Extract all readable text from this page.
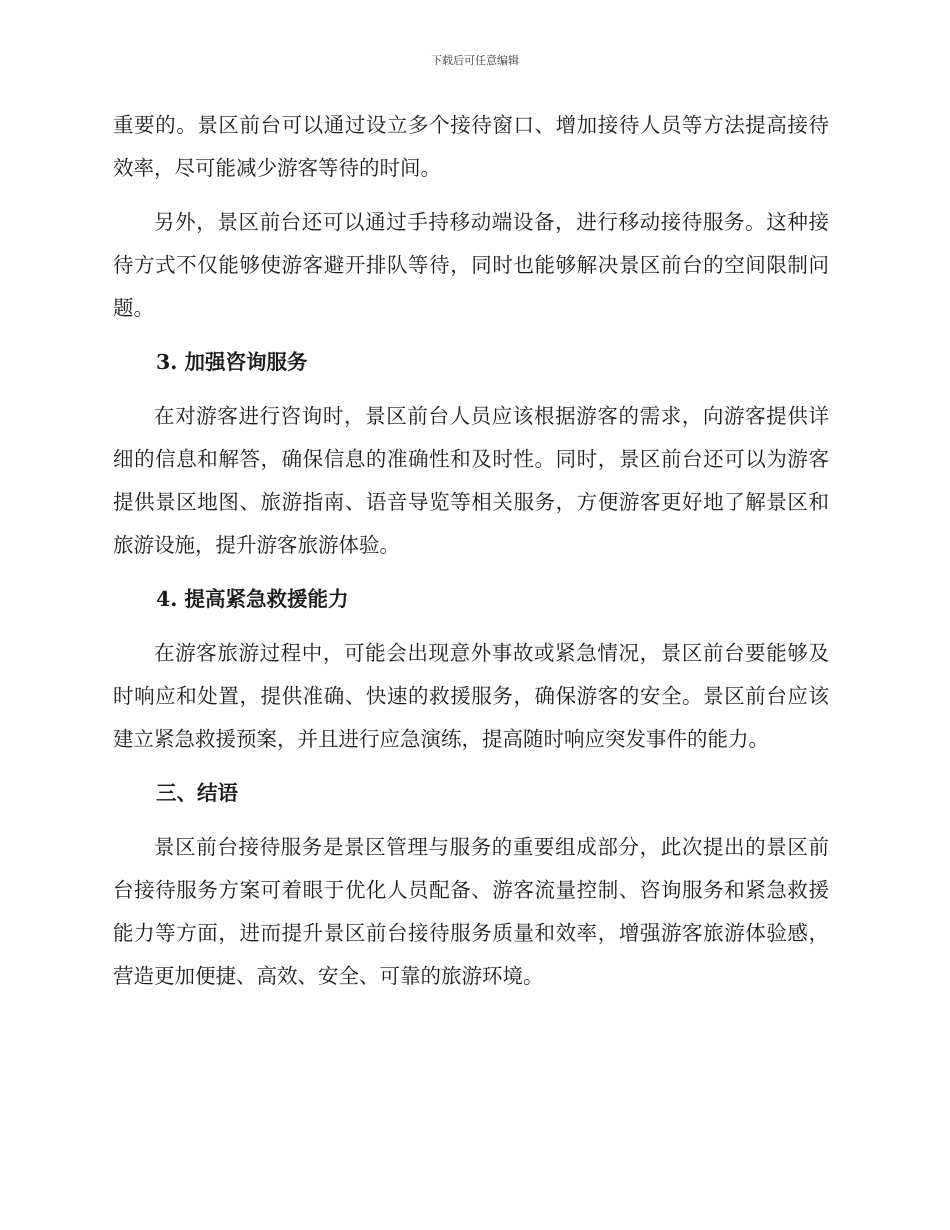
下载后可任意编辑

重要的。景区前台可以通过设立多个接待窗口、增加接待人员等方法提高接待效率，尽可能减少游客等待的时间。

另外，景区前台还可以通过手持移动端设备，进行移动接待服务。这种接待方式不仅能够使游客避开排队等待，同时也能够解决景区前台的空间限制问题。

3. 加强咨询服务

在对游客进行咨询时，景区前台人员应该根据游客的需求，向游客提供详细的信息和解答，确保信息的准确性和及时性。同时，景区前台还可以为游客提供景区地图、旅游指南、语音导览等相关服务，方便游客更好地了解景区和旅游设施，提升游客旅游体验。

4. 提高紧急救援能力

在游客旅游过程中，可能会出现意外事故或紧急情况，景区前台要能够及时响应和处置，提供准确、快速的救援服务，确保游客的安全。景区前台应该建立紧急救援预案，并且进行应急演练，提高随时响应突发事件的能力。

三、结语

景区前台接待服务是景区管理与服务的重要组成部分，此次提出的景区前台接待服务方案可着眼于优化人员配备、游客流量控制、咨询服务和紧急救援能力等方面，进而提升景区前台接待服务质量和效率，增强游客旅游体验感，营造更加便捷、高效、安全、可靠的旅游环境。
